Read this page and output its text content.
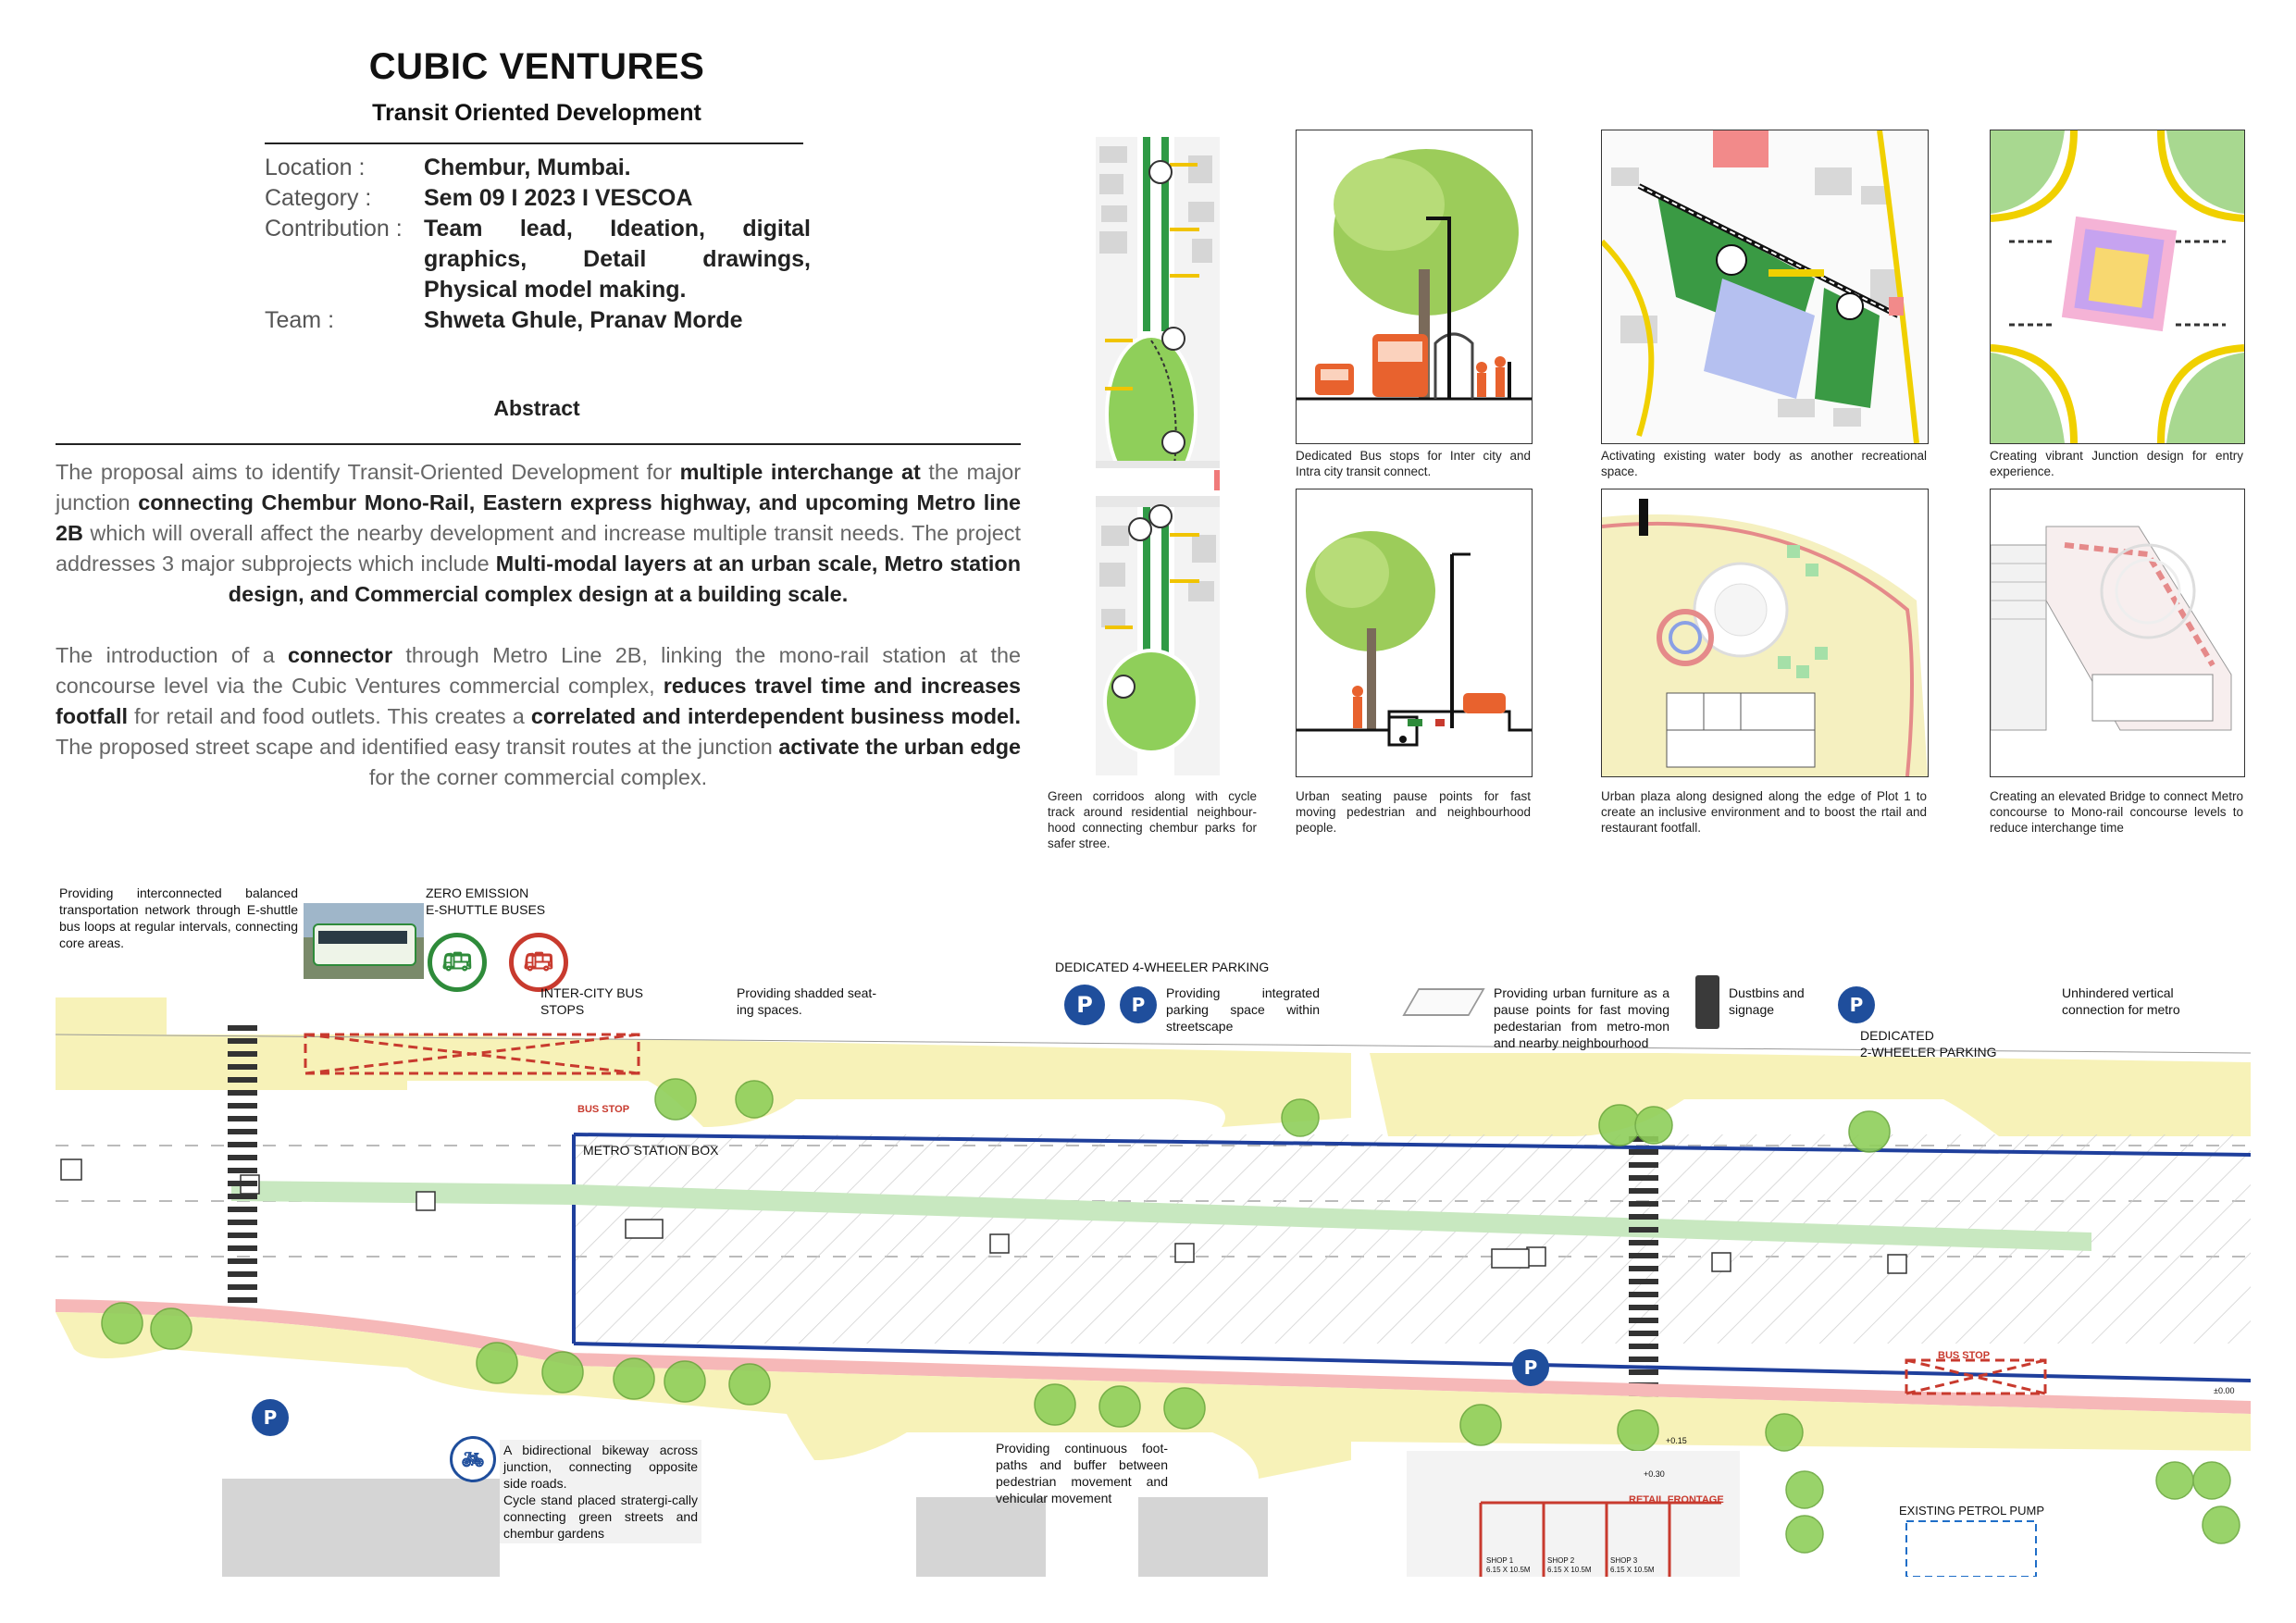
CUBIC VENTURES
Transit Oriented Development
Location :	Chembur, Mumbai.
Category :	Sem 09 I 2023 I VESCOA
Contribution : Team lead, Ideation, digital graphics, Detail drawings, Physical model making.
Team :	Shweta Ghule, Pranav Morde
Abstract
The proposal aims to identify Transit-Oriented Development for multiple interchange at the major junction connecting Chembur Mono-Rail, Eastern express highway, and upcoming Metro line 2B which will overall affect the nearby development and increase multiple transit needs. The project addresses 3 major subprojects which include Multi-modal layers at an urban scale, Metro station design, and Commercial complex design at a building scale.
The introduction of a connector through Metro Line 2B, linking the mono-rail station at the concourse level via the Cubic Ventures commercial complex, reduces travel time and increases footfall for retail and food outlets. This creates a correlated and interdependent business model. The proposed street scape and identified easy transit routes at the junction activate the urban edge for the corner commercial complex.
Green corridoos along with cycle track around residential neighbour-hood connecting chembur parks for safer stree.
Dedicated Bus stops for Inter city and Intra city transit connect.
Urban seating pause points for fast moving pedestrian and neighbourhood people.
Activating existing water body as another recreational space.
Urban plaza along designed along the edge of Plot 1 to create an inclusive environment and to boost the rtail and restaurant footfall.
Creating vibrant Junction design for entry experience.
Creating an elevated Bridge to connect Metro concourse to Mono-rail concourse levels to reduce interchange time
Providing interconnected balanced transportation network through E-shuttle bus loops at regular intervals, connecting core areas.
ZERO EMISSION
E-SHUTTLE BUSES
🚌︎	🚌︎
INTER-CITY BUS
STOPS
BUS STOP
Providing shadded seat-
ing spaces.
DEDICATED 4-WHEELER PARKING
P	P
Providing integrated parking space within streetscape
Providing urban furniture as a pause points for fast moving pedestarian from metro-mon and nearby neighbourhood
Dustbins and
signage	P
DEDICATED
2-WHEELER PARKING
Unhindered vertical
connection for metro
METRO STATION BOX
BUS STOP
P
P
🚲︎	A bidirectional bikeway across junction, connecting opposite side roads.
Cycle stand placed stratergi-cally connecting green streets and chembur gardens
Providing continuous foot-paths and buffer between pedestrian movement and vehicular movement	RETAIL FRONTAGE
EXISTING PETROL PUMP
SHOP 1
6.15 X 10.5M
SHOP 2
6.15 X 10.5M
SHOP 3
6.15 X 10.5M
±0.00
+0.15
+0.30
